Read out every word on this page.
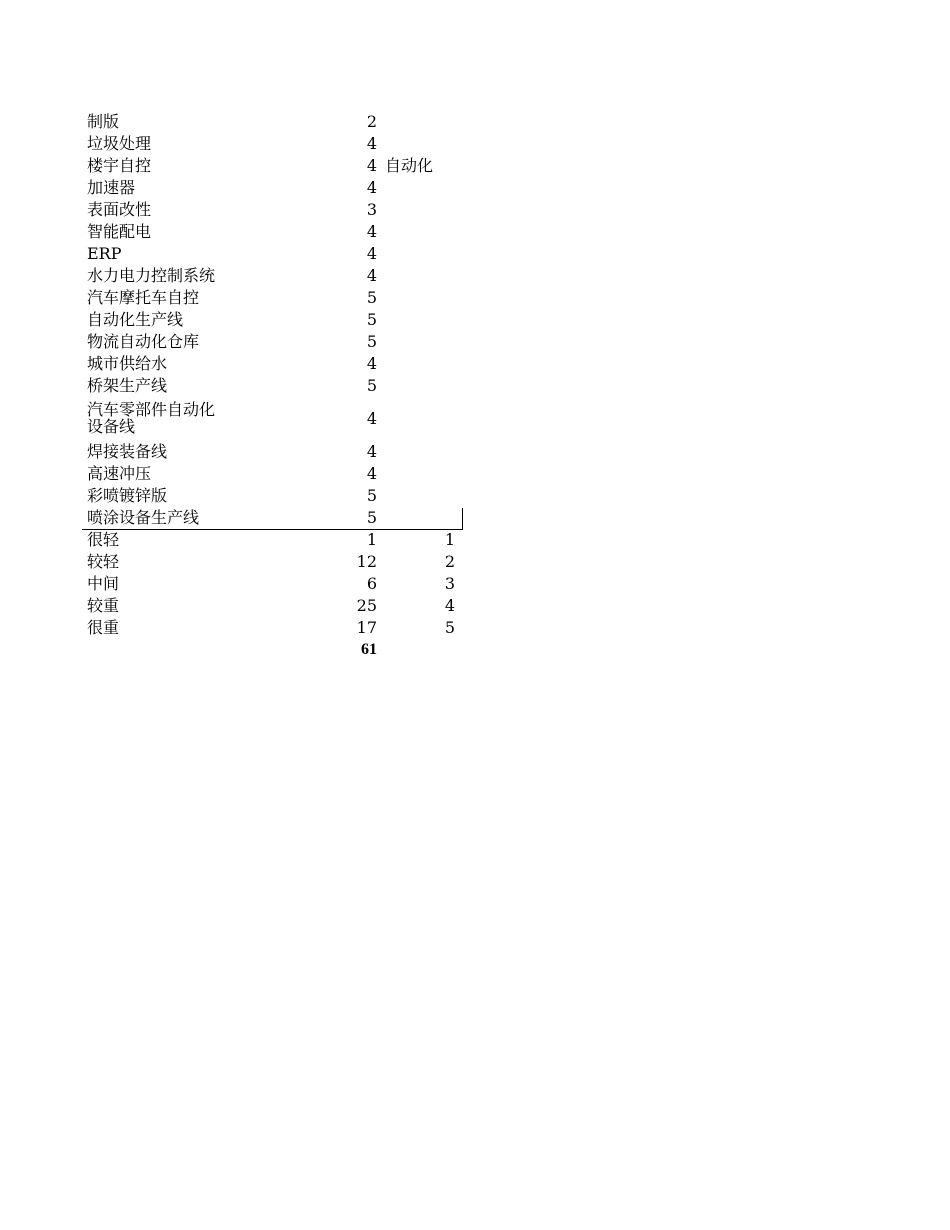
制版	2
垃圾处理	4
楼宇自控	4 自动化
加速器	4
表面改性	3
智能配电	4
ERP	4
水力电力控制系统	4
汽车摩托车自控	5
自动化生产线	5
物流自动化仓库	5
城市供给水	4
桥架生产线	5
汽车零部件自动化
设备线	4
焊接装备线	4
高速冲压	4
彩喷镀锌版	5
喷涂设备生产线	5
很轻	1	1
较轻	12	2
中间	6	3
较重	25	4
很重	17	5
61
